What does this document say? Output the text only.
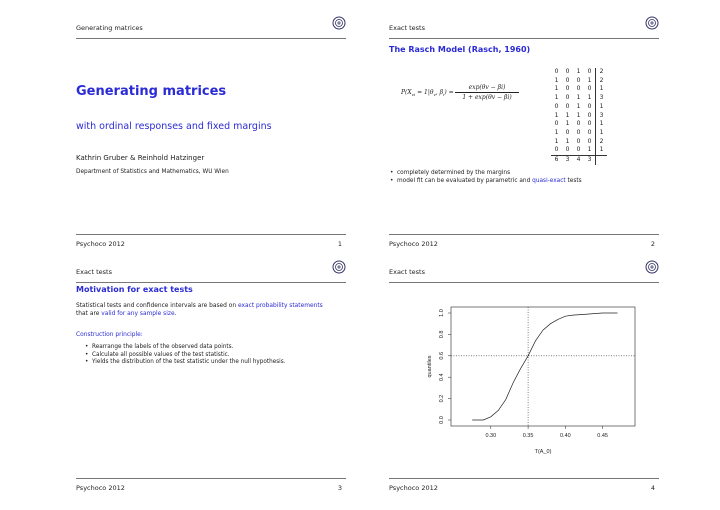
Generating matrices
Generating matrices
with ordinal responses and fixed margins
Kathrin Gruber & Reinhold Hatzinger
Department of Statistics and Mathematics, WU Wien
Psychoco 2012	1
Exact tests
The Rasch Model (Rasch, 1960)
$P(X_{vi} = 1|\theta_v$, $\beta_i$) =
exp(θv − βi)
1 + exp(θv − βi)
0	0	1	0	2
1	0	0	1	2
1	0	0	0	1
1	0	1	1	3
0	0	1	0	1
1	1	1	0	3
0	1	0	0	1
1	0	0	0	1
1	1	0	0	2
0	0	0	1	1
6	3	4	3	
• completely determined by the margins
• model fit can be evaluated by parametric and quasi-exact tests
Psychoco 2012	2
Exact tests
Motivation for exact tests
Statistical tests and confidence intervals are based on exact probability statements that are valid for any sample size.
Construction principle:
• Rearrange the labels of the observed data points.
• Calculate all possible values of the test statistic.
• Yields the distribution of the test statistic under the null hypothesis.
Psychoco 2012	3
Exact tests
0.30	0.35	0.40	0.45
0.0
0.2
0.4
0.6
0.8
1.0
T(A_0)
quantiles
Psychoco 2012	4
